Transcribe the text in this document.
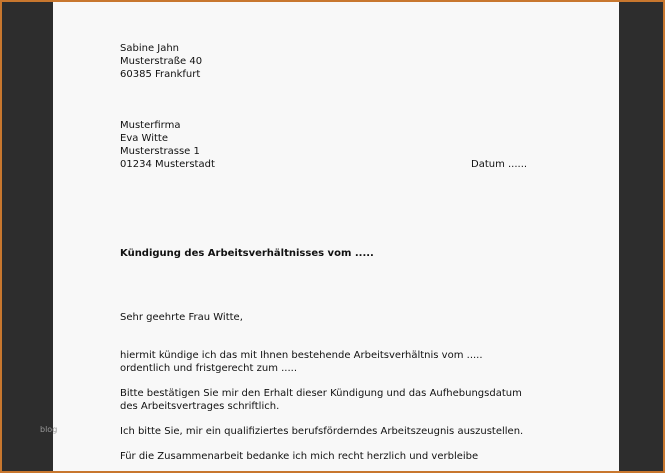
Sabine Jahn
Musterstraße 40
60385 Frankfurt
Musterfirma
Eva Witte
Musterstrasse 1
01234 Musterstadt	Datum ......
Kündigung des Arbeitsverhältnisses vom .....
Sehr geehrte Frau Witte,
hiermit kündige ich das mit Ihnen bestehende Arbeitsverhältnis vom .....
ordentlich und fristgerecht zum .....
Bitte bestätigen Sie mir den Erhalt dieser Kündigung und das Aufhebungsdatum
des Arbeitsvertrages schriftlich.
Ich bitte Sie, mir ein qualifiziertes berufsförderndes Arbeitszeugnis auszustellen.
Für die Zusammenarbeit bedanke ich mich recht herzlich und verbleibe
blog
